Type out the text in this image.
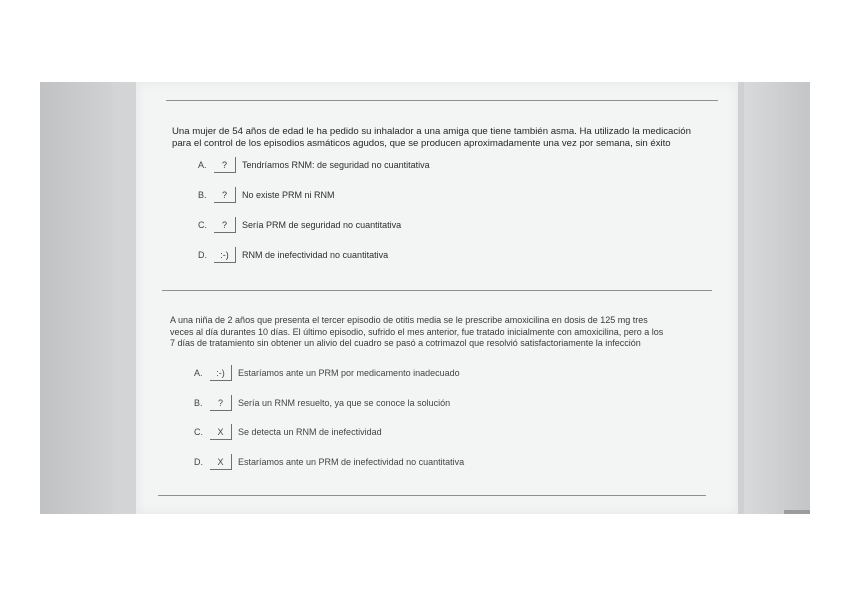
Una mujer de 54 años de edad le ha pedido su inhalador a una amiga que tiene también asma. Ha utilizado la medicación
para el control de los episodios asmáticos agudos, que se producen aproximadamente una vez por semana, sin éxito

A.	?	Tendríamos RNM: de seguridad no cuantitativa
B.	?	No existe PRM ni RNM
C.	?	Sería PRM de seguridad no cuantitativa
D.	:-)	RNM de inefectividad no cuantitativa

A una niña de 2 años que presenta el tercer episodio de otitis media se le prescribe amoxicilina en dosis de 125 mg tres
veces al día durantes 10 días. El último episodio, sufrido el mes anterior, fue tratado inicialmente con amoxicilina, pero a los
7 días de tratamiento sin obtener un alivio del cuadro se pasó a cotrimazol que resolvió satisfactoriamente la infección

A.	:-)	Estaríamos ante un PRM por medicamento inadecuado
B.	?	Sería un RNM resuelto, ya que se conoce la solución
C.	X	Se detecta un RNM de inefectividad
D.	X	Estaríamos ante un PRM de inefectividad no cuantitativa
